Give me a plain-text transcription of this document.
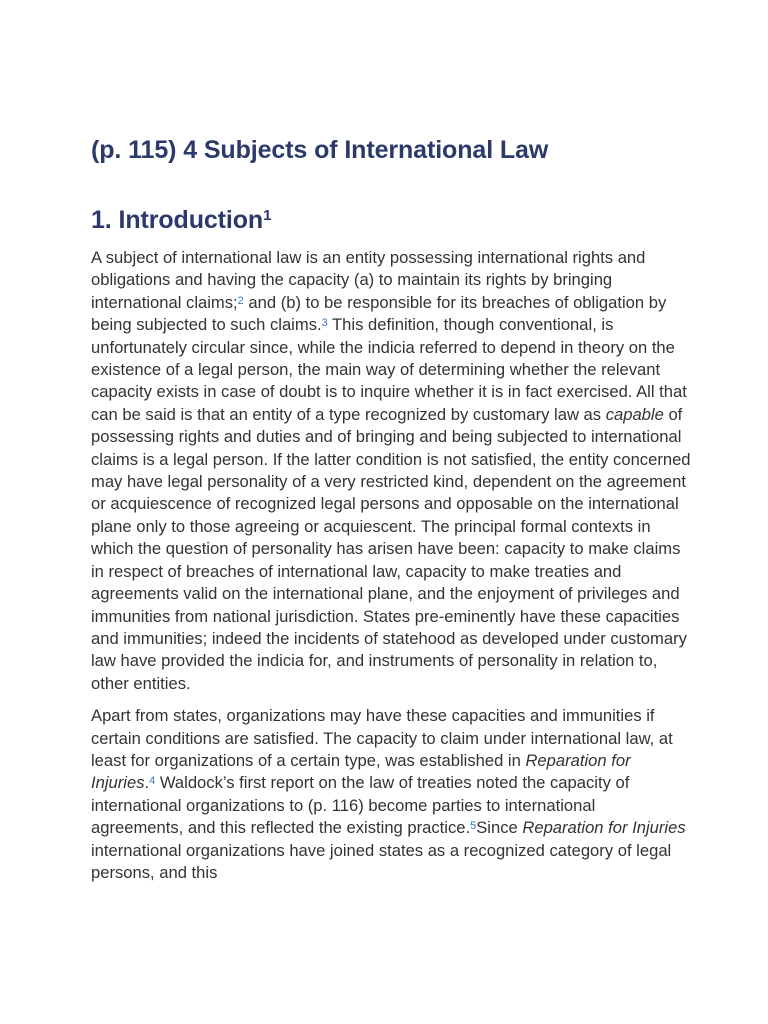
(p. 115) 4 Subjects of International Law
1. Introduction$^1$

A subject of international law is an entity possessing international rights and obligations and having the capacity (a) to maintain its rights by bringing international claims;$^2$ and (b) to be responsible for its breaches of obligation by being subjected to such claims.$^3$ This definition, though conventional, is unfortunately circular since, while the indicia referred to depend in theory on the existence of a legal person, the main way of determining whether the relevant capacity exists in case of doubt is to inquire whether it is in fact exercised. All that can be said is that an entity of a type recognized by customary law as capable of possessing rights and duties and of bringing and being subjected to international claims is a legal person. If the latter condition is not satisfied, the entity concerned may have legal personality of a very restricted kind, dependent on the agreement or acquiescence of recognized legal persons and opposable on the international plane only to those agreeing or acquiescent. The principal formal contexts in which the question of personality has arisen have been: capacity to make claims in respect of breaches of international law, capacity to make treaties and agreements valid on the international plane, and the enjoyment of privileges and immunities from national jurisdiction. States pre-eminently have these capacities and immunities; indeed the incidents of statehood as developed under customary law have provided the indicia for, and instruments of personality in relation to, other entities.

Apart from states, organizations may have these capacities and immunities if certain conditions are satisfied. The capacity to claim under international law, at least for organizations of a certain type, was established in Reparation for Injuries.$^4$ Waldock’s first report on the law of treaties noted the capacity of international organizations to (p. 116) become parties to international agreements, and this reflected the existing practice.$^5$Since Reparation for Injuries international organizations have joined states as a recognized category of legal persons, and this
